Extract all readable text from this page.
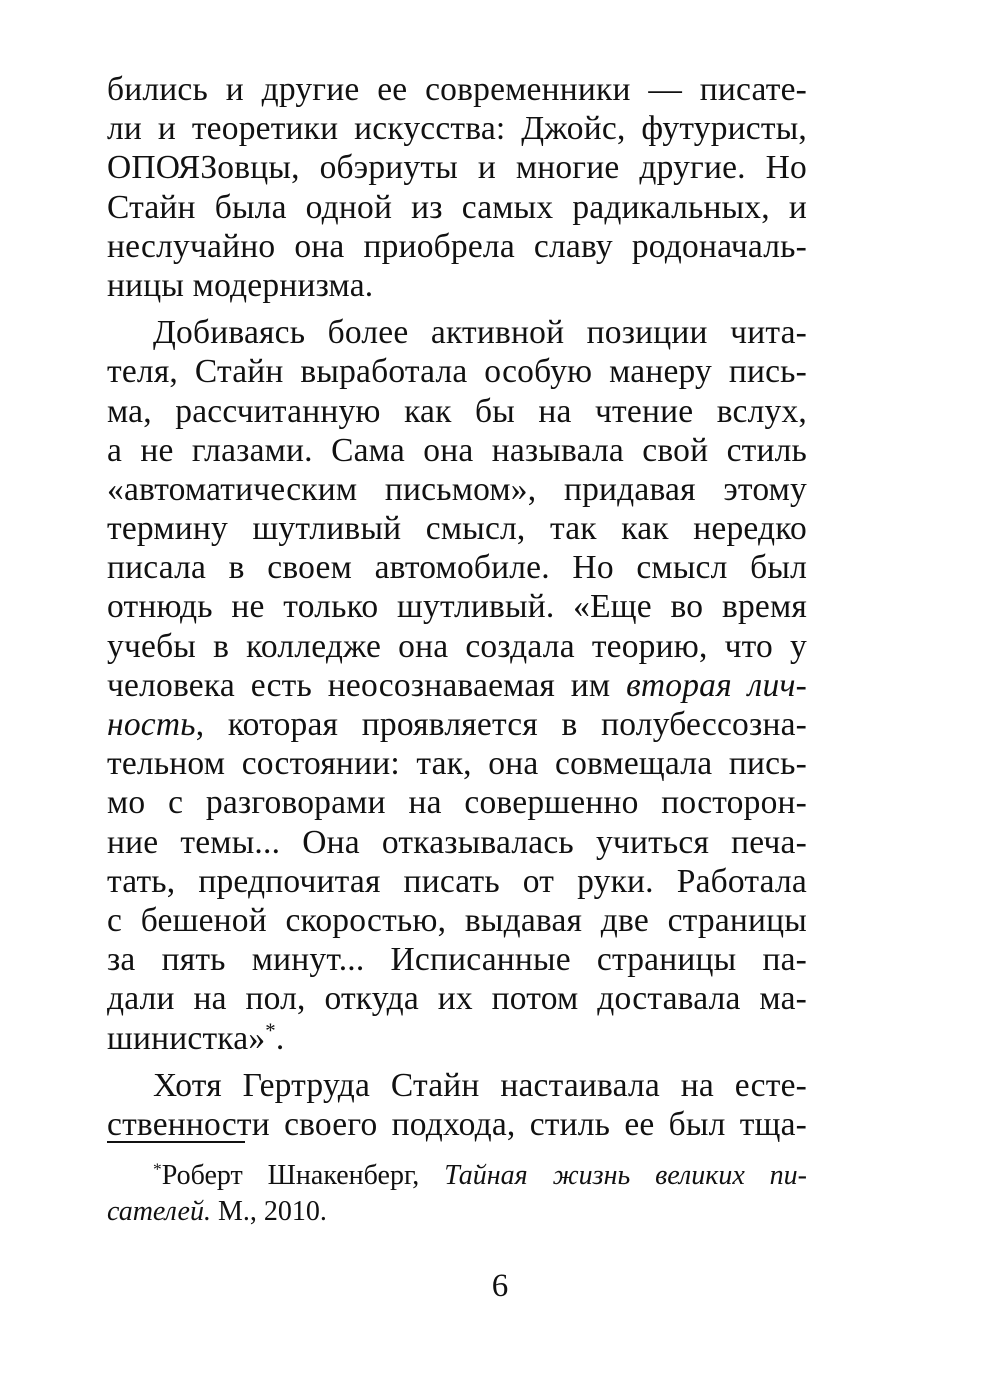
бились и другие ее современники — писате-
ли и теоретики искусства: Джойс, футуристы,
ОПОЯЗовцы, обэриуты и многие другие. Но
Стайн была одной из самых радикальных, и
неслучайно она приобрела славу родоначаль-
ницы модернизма.
Добиваясь более активной позиции чита-
теля, Стайн выработала особую манеру пись-
ма, рассчитанную как бы на чтение вслух,
а не глазами. Сама она называла свой стиль
«автоматическим письмом», придавая этому
термину шутливый смысл, так как нередко
писала в своем автомобиле. Но смысл был
отнюдь не только шутливый. «Еще во время
учебы в колледже она создала теорию, что у
человека есть неосознаваемая им вторая лич-
ность, которая проявляется в полубессозна-
тельном состоянии: так, она совмещала пись-
мо с разговорами на совершенно посторон-
ние темы... Она отказывалась учиться печа-
тать, предпочитая писать от руки. Работала
с бешеной скоростью, выдавая две страницы
за пять минут... Исписанные страницы па-
дали на пол, откуда их потом доставала ма-
шинистка»*.
Хотя Гертруда Стайн настаивала на есте-
ственности своего подхода, стиль ее был тща-
*Роберт Шнакенберг, Тайная жизнь великих пи-
сателей. М., 2010.
6
